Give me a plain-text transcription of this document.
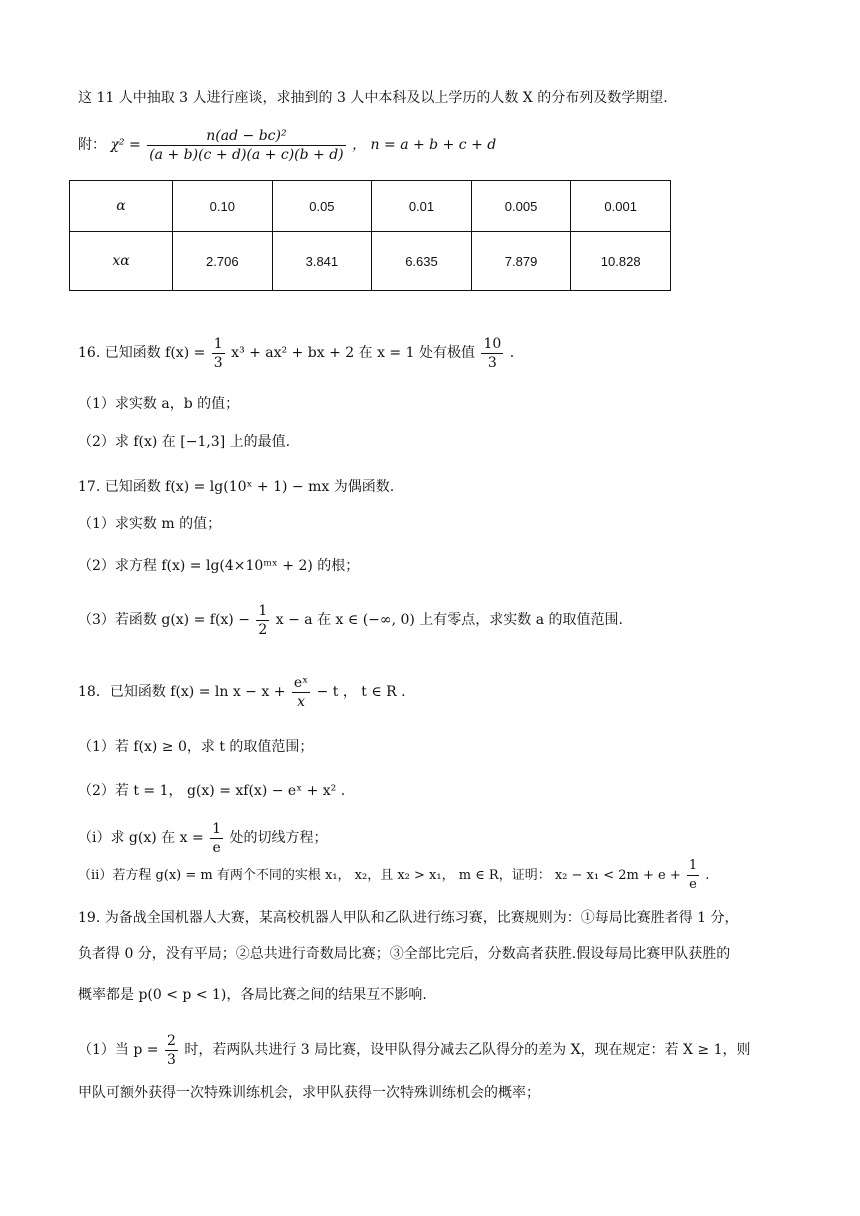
这 11 人中抽取 3 人进行座谈，求抽到的 3 人中本科及以上学历的人数 X 的分布列及数学期望.
附： $\chi^2 = \frac{\text{n(ad − bc)²}}{(a + b)(c + d)(a + c)(b + d)}$ ， n = a + b + c + d
α	0.10	0.05	0.01	0.005	0.001
xα	2.706	3.841	6.635	7.879	10.828
16. 已知函数 $f(x) = \frac{1}{3} x^3 + ax^2$ + bx + 2 在 x = 1 处有极值 $\frac{10}{3}$ .
（1）求实数 a，b 的值；
（2）求 f(x) 在 [−1,3] 上的最值.
17. 已知函数 f(x) = lg(10ˣ + 1) − mx 为偶函数.
（1）求实数 m 的值；
（2）求方程 f(x) = lg(4×10ᵐˣ + 2) 的根；
（3）若函数 $g(x) = f(x) - \frac{1}{2}$ x − a 在 x ∈ (−∞, 0) 上有零点，求实数 a 的取值范围.
18．已知函数 $f(x) = \ln x - x + \frac{\text{eˣ}}{x} - t$ ， t ∈ R .
（1）若 f(x) ≥ 0，求 t 的取值范围；
（2）若 t = 1， g(x) = xf(x) − eˣ + x² .
（ⅰ）求 g(x) 在 $x = \frac{1}{e}$ 处的切线方程；
（ⅱ）若方程 g(x) = m 有两个不同的实根 x₁， x₂，且 x₂ > x₁， m ∈ R，证明： $x_2 - x_1 < 2m + e + \frac{1}{e}$ .
19. 为备战全国机器人大赛，某高校机器人甲队和乙队进行练习赛，比赛规则为：①每局比赛胜者得 1 分，
负者得 0 分，没有平局；②总共进行奇数局比赛；③全部比完后，分数高者获胜.假设每局比赛甲队获胜的
概率都是 p(0 < p < 1)，各局比赛之间的结果互不影响.
（1）当 $p = \frac{2}{3}$ 时，若两队共进行 3 局比赛，设甲队得分减去乙队得分的差为 X，现在规定：若 X ≥ 1，则
甲队可额外获得一次特殊训练机会，求甲队获得一次特殊训练机会的概率；
